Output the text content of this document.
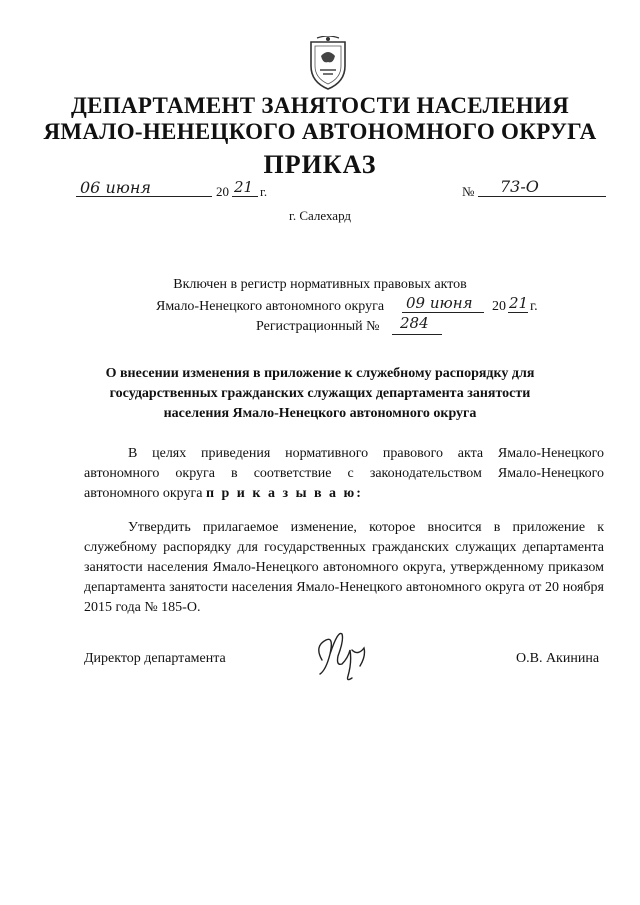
ДЕПАРТАМЕНТ ЗАНЯТОСТИ НАСЕЛЕНИЯ
ЯМАЛО-НЕНЕЦКОГО АВТОНОМНОГО ОКРУГА
ПРИКАЗ
06 июня	20 21 г.	№ 73-О
г. Салехард
Включен в регистр нормативных правовых актов
Ямало-Ненецкого автономного округа 09 июня 20 21 г.
Регистрационный № 284
О внесении изменения в приложение к служебному распорядку для
государственных гражданских служащих департамента занятости
населения Ямало-Ненецкого автономного округа
В целях приведения нормативного правового акта Ямало-Ненецкого автономного округа в соответствие с законодательством Ямало-Ненецкого автономного округа п р и к а з ы в а ю:
Утвердить прилагаемое изменение, которое вносится в приложение к служебному распорядку для государственных гражданских служащих департамента занятости населения Ямало-Ненецкого автономного округа, утвержденному приказом департамента занятости населения Ямало-Ненецкого автономного округа от 20 ноября 2015 года № 185-О.
Директор департамента	О.В. Акинина
